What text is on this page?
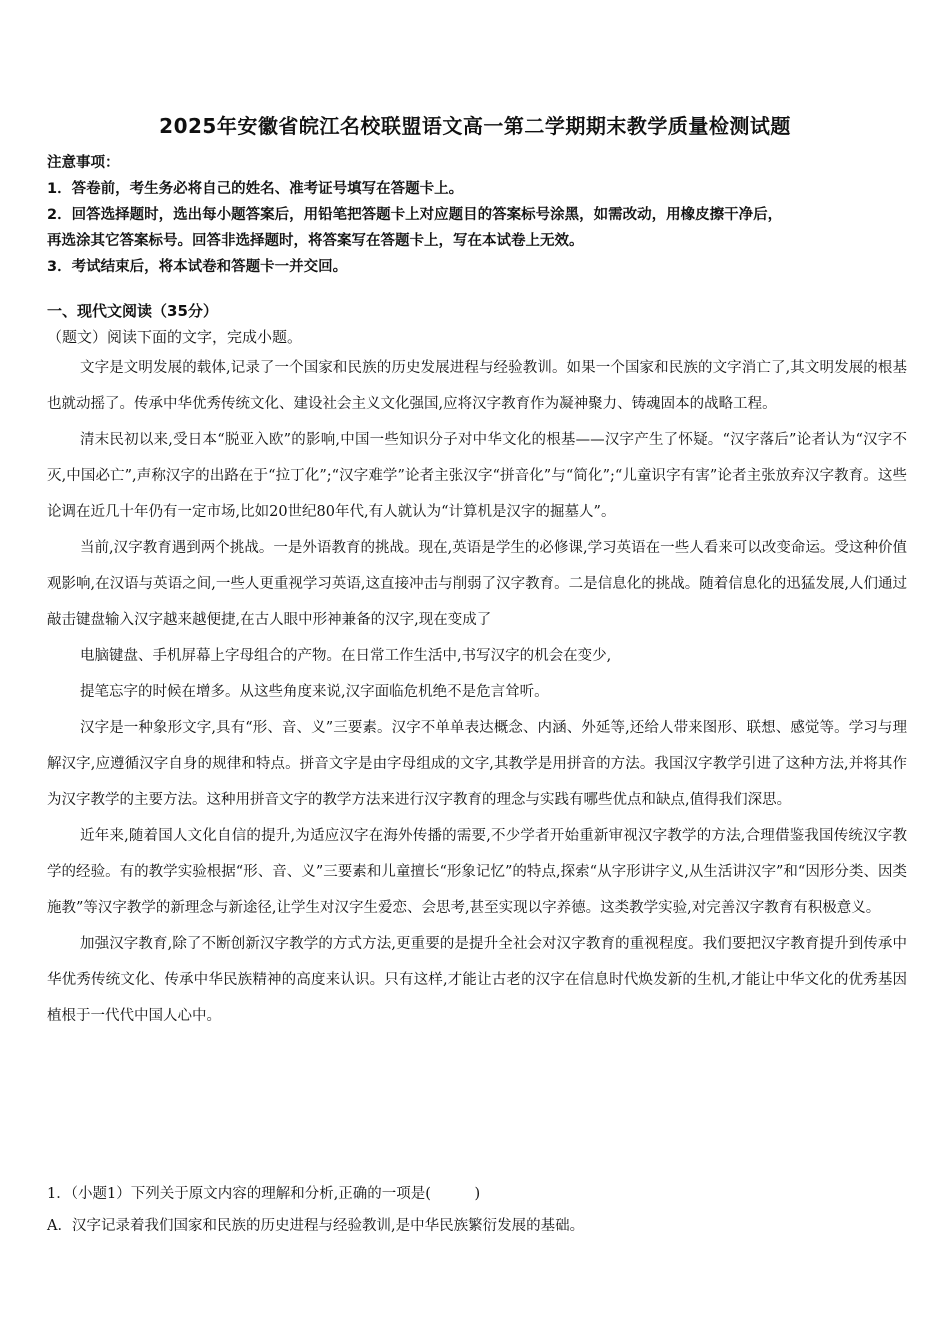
2025年安徽省皖江名校联盟语文高一第二学期期末教学质量检测试题
注意事项：
1．答卷前，考生务必将自己的姓名、准考证号填写在答题卡上。
2．回答选择题时，选出每小题答案后，用铅笔把答题卡上对应题目的答案标号涂黑，如需改动，用橡皮擦干净后，
再选涂其它答案标号。回答非选择题时，将答案写在答题卡上，写在本试卷上无效。
3．考试结束后，将本试卷和答题卡一并交回。
一、现代文阅读（35分）
（题文）阅读下面的文字，完成小题。

文字是文明发展的载体,记录了一个国家和民族的历史发展进程与经验教训。如果一个国家和民族的文字消亡了,其文明发展的根基也就动摇了。传承中华优秀传统文化、建设社会主义文化强国,应将汉字教育作为凝神聚力、铸魂固本的战略工程。

清末民初以来,受日本“脱亚入欧”的影响,中国一些知识分子对中华文化的根基——汉字产生了怀疑。“汉字落后”论者认为“汉字不灭,中国必亡”,声称汉字的出路在于“拉丁化”;“汉字难学”论者主张汉字“拼音化”与“简化”;“儿童识字有害”论者主张放弃汉字教育。这些论调在近几十年仍有一定市场,比如20世纪80年代,有人就认为“计算机是汉字的掘墓人”。

当前,汉字教育遇到两个挑战。一是外语教育的挑战。现在,英语是学生的必修课,学习英语在一些人看来可以改变命运。受这种价值观影响,在汉语与英语之间,一些人更重视学习英语,这直接冲击与削弱了汉字教育。二是信息化的挑战。随着信息化的迅猛发展,人们通过敲击键盘输入汉字越来越便捷,在古人眼中形神兼备的汉字,现在变成了

电脑键盘、手机屏幕上字母组合的产物。在日常工作生活中,书写汉字的机会在变少,

提笔忘字的时候在增多。从这些角度来说,汉字面临危机绝不是危言耸听。

汉字是一种象形文字,具有“形、音、义”三要素。汉字不单单表达概念、内涵、外延等,还给人带来图形、联想、感觉等。学习与理解汉字,应遵循汉字自身的规律和特点。拼音文字是由字母组成的文字,其教学是用拼音的方法。我国汉字教学引进了这种方法,并将其作为汉字教学的主要方法。这种用拼音文字的教学方法来进行汉字教育的理念与实践有哪些优点和缺点,值得我们深思。

近年来,随着国人文化自信的提升,为适应汉字在海外传播的需要,不少学者开始重新审视汉字教学的方法,合理借鉴我国传统汉字教学的经验。有的教学实验根据“形、音、义”三要素和儿童擅长“形象记忆”的特点,探索“从字形讲字义,从生活讲汉字”和“因形分类、因类施教”等汉字教学的新理念与新途径,让学生对汉字生爱恋、会思考,甚至实现以字养德。这类教学实验,对完善汉字教育有积极意义。

加强汉字教育,除了不断创新汉字教学的方式方法,更重要的是提升全社会对汉字教育的重视程度。我们要把汉字教育提升到传承中华优秀传统文化、传承中华民族精神的高度来认识。只有这样,才能让古老的汉字在信息时代焕发新的生机,才能让中华文化的优秀基因植根于一代代中国人心中。

1．（小题1）下列关于原文内容的理解和分析,正确的一项是(　　　)
A．汉字记录着我们国家和民族的历史进程与经验教训,是中华民族繁衍发展的基础。
